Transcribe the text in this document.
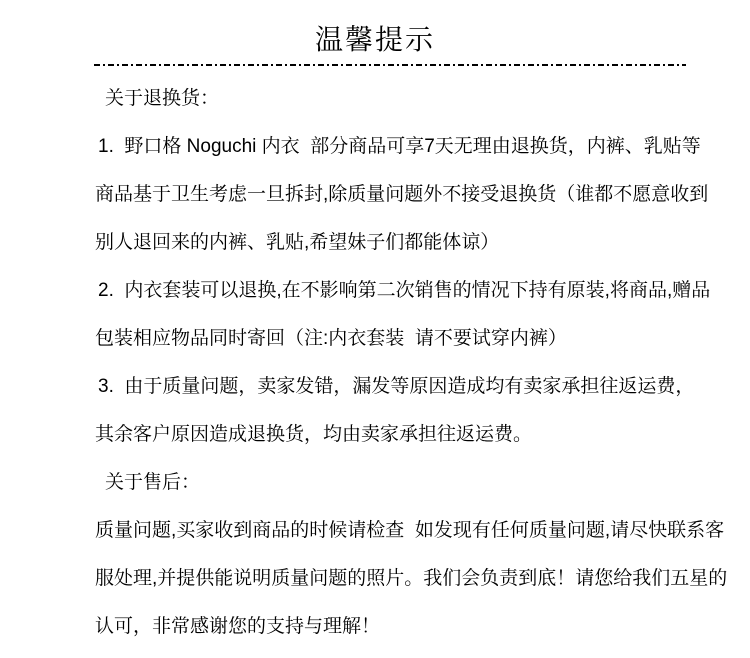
温馨提示
关于退换货：
1.  野口格 Noguchi 内衣  部分商品可享7天无理由退换货，内裤、乳贴等
商品基于卫生考虑一旦拆封,除质量问题外不接受退换货（谁都不愿意收到
别人退回来的内裤、乳贴,希望妹子们都能体谅）
2.  内衣套装可以退换,在不影响第二次销售的情况下持有原装,将商品,赠品
包装相应物品同时寄回（注:内衣套装  请不要试穿内裤）
3.  由于质量问题，卖家发错，漏发等原因造成均有卖家承担往返运费，
其余客户原因造成退换货，均由卖家承担往返运费。
关于售后：
质量问题,买家收到商品的时候请检查  如发现有任何质量问题,请尽快联系客
服处理,并提供能说明质量问题的照片。我们会负责到底！请您给我们五星的
认可，非常感谢您的支持与理解！
